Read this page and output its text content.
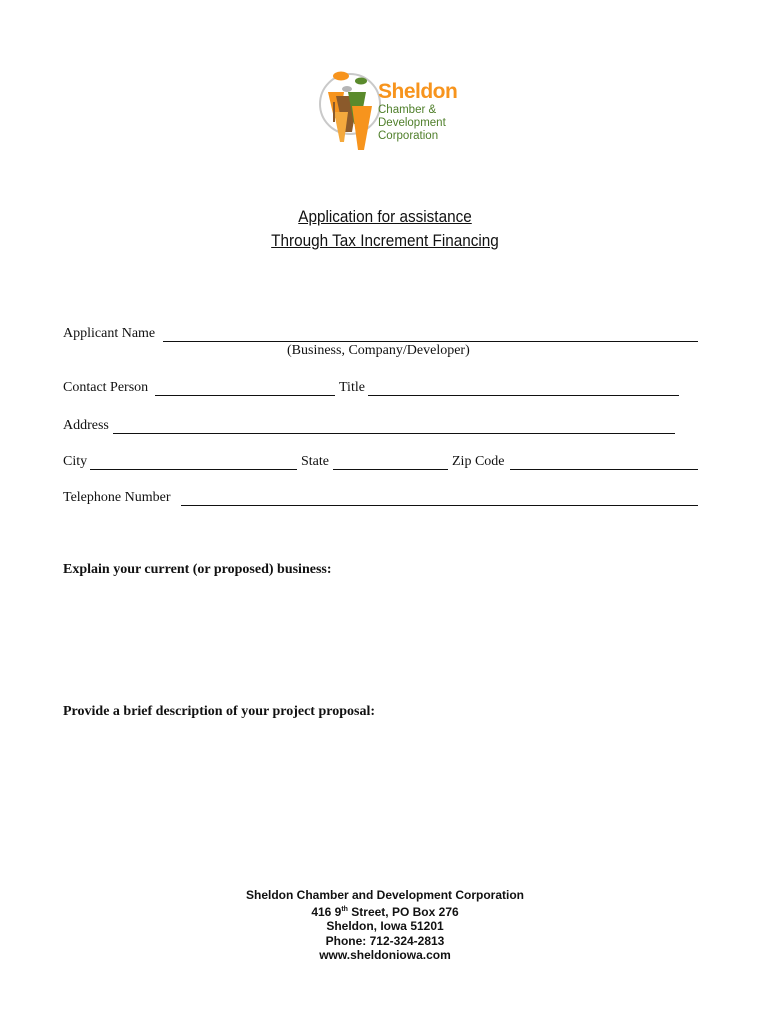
Sheldon
Chamber &
Development
Corporation
Application for assistance
Through Tax Increment Financing
Applicant Name
(Business, Company/Developer)
Contact Person	Title
Address
City	State	Zip Code
Telephone Number
Explain your current (or proposed) business:
Provide a brief description of your project proposal:
Sheldon Chamber and Development Corporation
416 9th Street, PO Box 276
Sheldon, Iowa 51201
Phone: 712-324-2813
www.sheldoniowa.com
